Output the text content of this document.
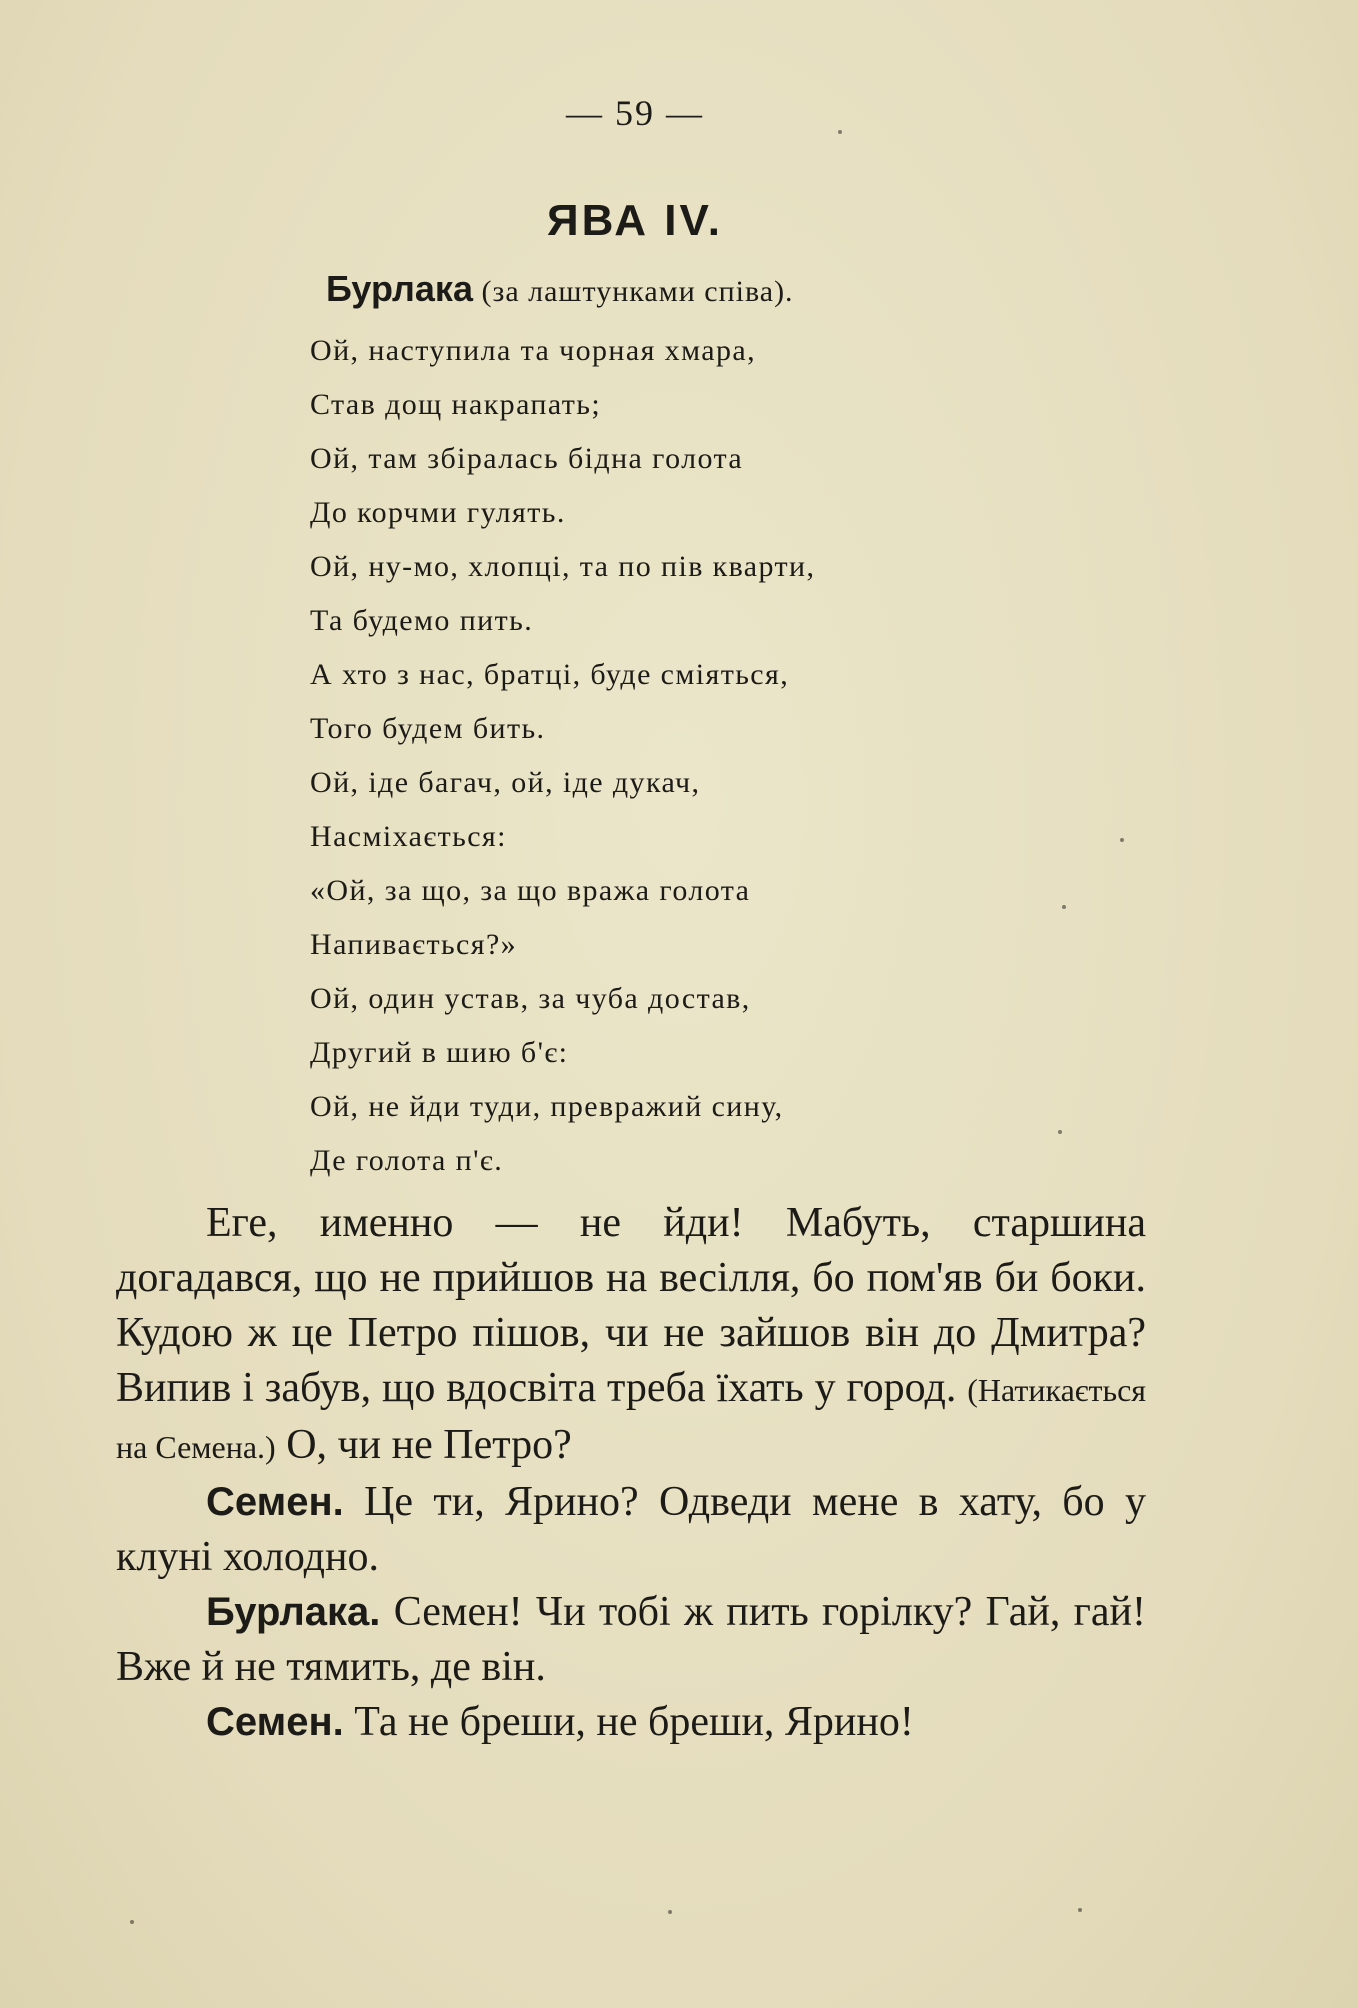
— 59 —
ЯВА IV.
Бурлака (за лаштунками співа).
Ой, наступила та чорная хмара,
Став дощ накрапать;
Ой, там збіралась бідна голота
До корчми гулять.
Ой, ну-мо, хлопці, та по пів кварти,
Та будемо пить.
А хто з нас, братці, буде сміяться,
Того будем бить.
Ой, іде багач, ой, іде дукач,
Насміхається:
«Ой, за що, за що вража голота
Напивається?»
Ой, один устав, за чуба достав,
Другий в шию б'є:
Ой, не йди туди, превражий сину,
Де голота п'є.

Еге, именно — не йди! Мабуть, старшина догадався, що не прийшов на весілля, бо пом'яв би боки. Кудою ж це Петро пішов, чи не зайшов він до Дмитра? Випив і забув, що вдосвіта треба їхать у город. (Натикається на Семена.) О, чи не Петро?

Семен. Це ти, Ярино? Одведи мене в хату, бо у клуні холодно.

Бурлака. Семен! Чи тобі ж пить горілку? Гай, гай! Вже й не тямить, де він.

Семен. Та не бреши, не бреши, Ярино!
